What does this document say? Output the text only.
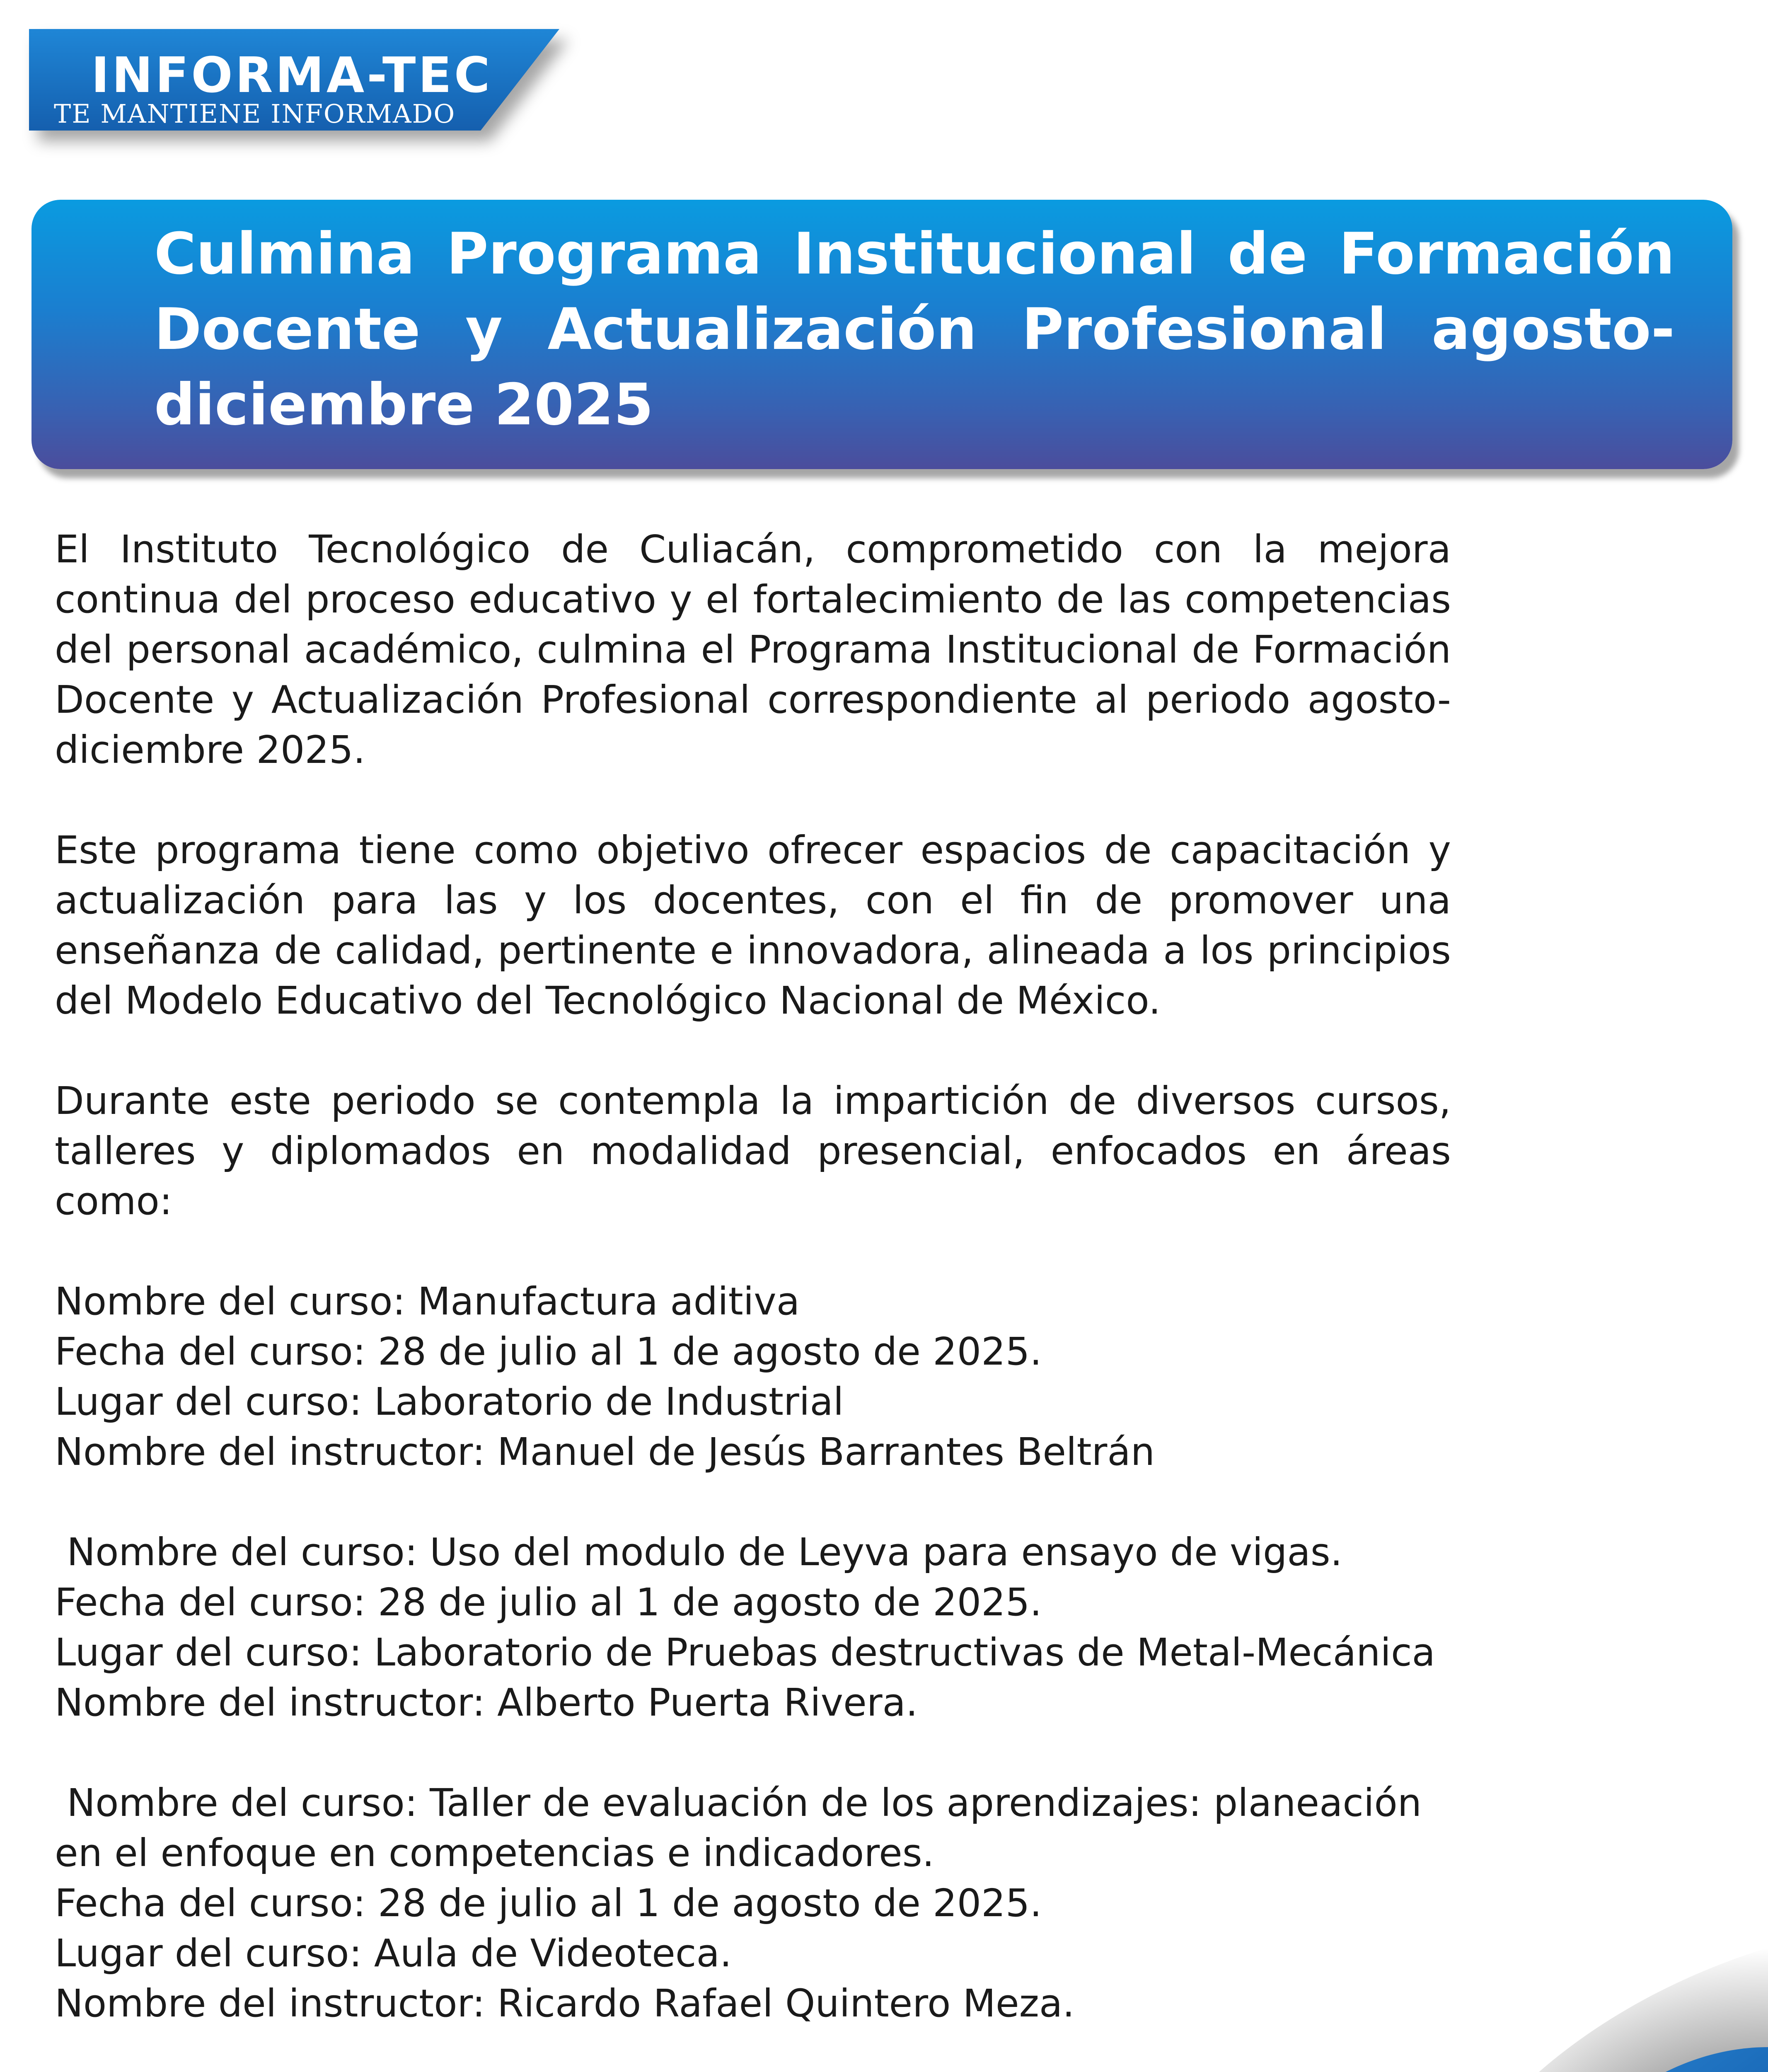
INFORMA-TEC
TE MANTIENE INFORMADO
Culmina Programa Institucional de Formación Docente y Actualización Profesional agosto-diciembre 2025

El Instituto Tecnológico de Culiacán, comprometido con la mejora continua del proceso educativo y el fortalecimiento de las competencias del personal académico, culmina el Programa Institucional de Formación Docente y Actualización Profesional correspondiente al periodo agosto-diciembre 2025.

Este programa tiene como objetivo ofrecer espacios de capacitación y actualización para las y los docentes, con el fin de promover una enseñanza de calidad, pertinente e innovadora, alineada a los principios del Modelo Educativo del Tecnológico Nacional de México.

Durante este periodo se contempla la impartición de diversos cursos, talleres y diplomados en modalidad presencial, enfocados en áreas como:

Nombre del curso: Manufactura aditiva
Fecha del curso: 28 de julio al 1 de agosto de 2025.
Lugar del curso: Laboratorio de Industrial
Nombre del instructor: Manuel de Jesús Barrantes Beltrán
Nombre del curso: Uso del modulo de Leyva para ensayo de vigas.
Fecha del curso: 28 de julio al 1 de agosto de 2025.
Lugar del curso: Laboratorio de Pruebas destructivas de Metal-Mecánica
Nombre del instructor: Alberto Puerta Rivera.
Nombre del curso: Taller de evaluación de los aprendizajes: planeación en el enfoque en competencias e indicadores.
Fecha del curso: 28 de julio al 1 de agosto de 2025.
Lugar del curso: Aula de Videoteca.
Nombre del instructor: Ricardo Rafael Quintero Meza.
